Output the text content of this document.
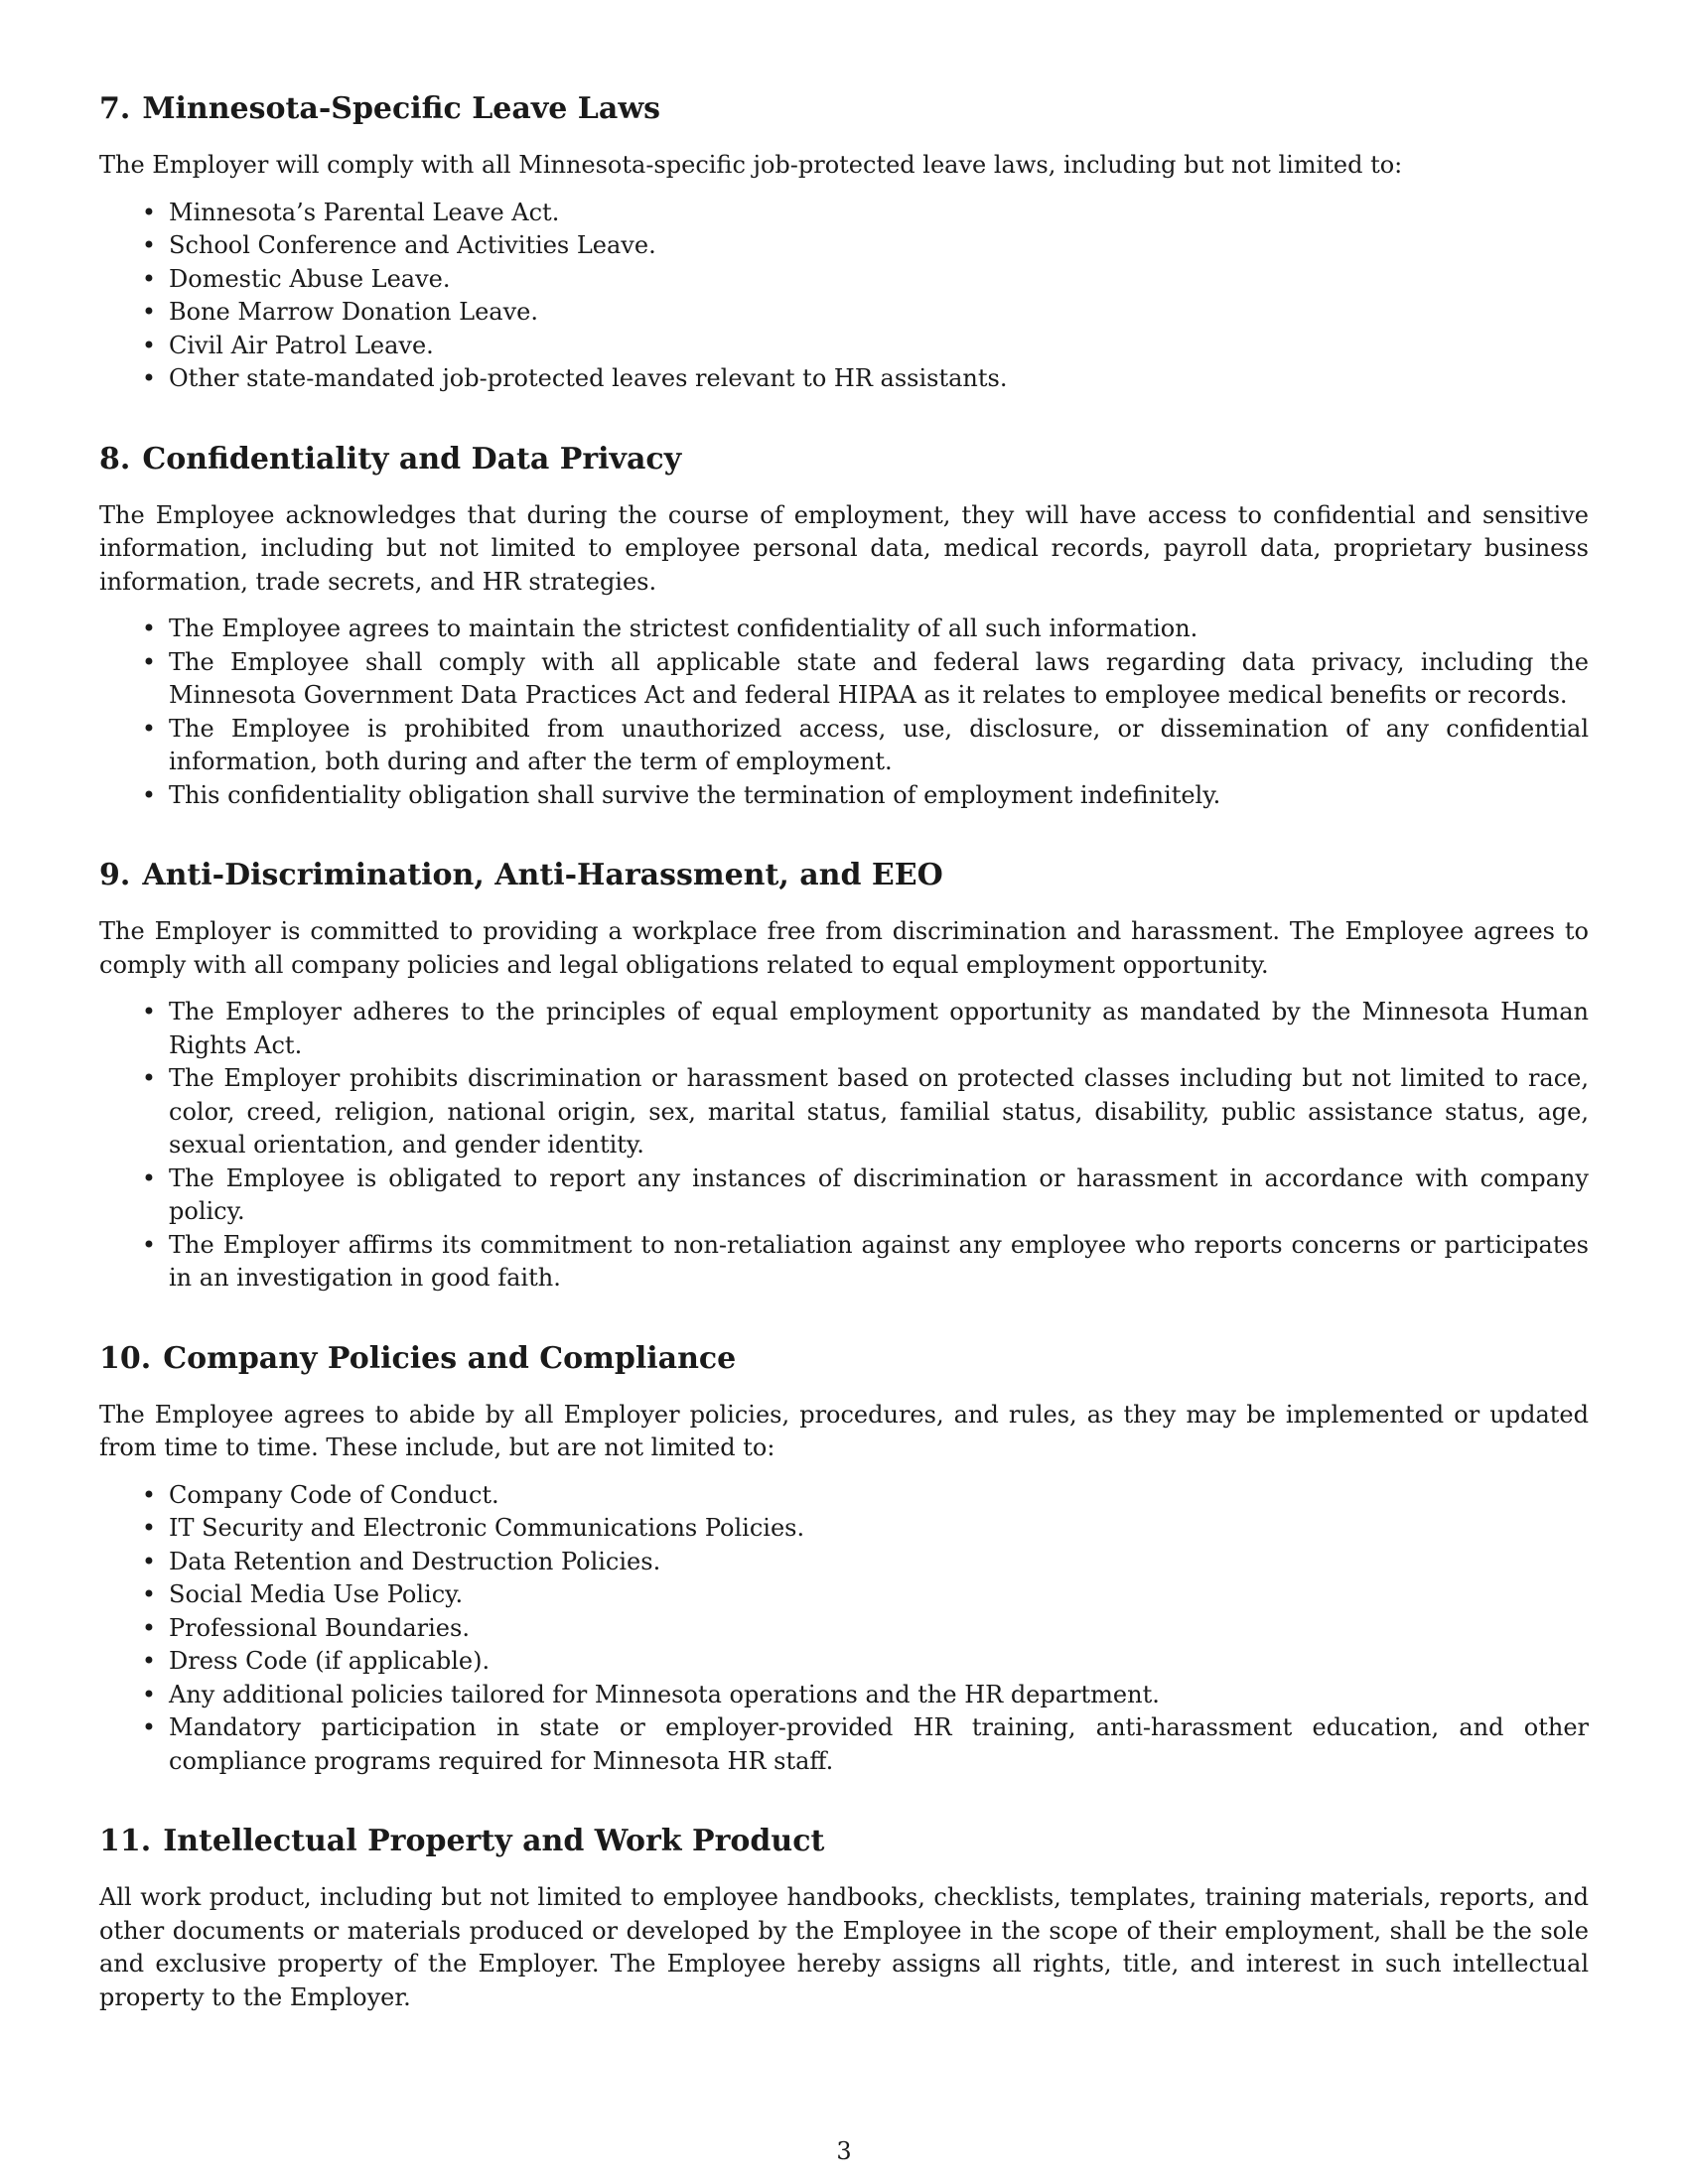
7. Minnesota-Specific Leave Laws

The Employer will comply with all Minnesota-specific job-protected leave laws, including but not limited to:

• Minnesota’s Parental Leave Act.
• School Conference and Activities Leave.
• Domestic Abuse Leave.
• Bone Marrow Donation Leave.
• Civil Air Patrol Leave.
• Other state-mandated job-protected leaves relevant to HR assistants.
8. Confidentiality and Data Privacy

The Employee acknowledges that during the course of employment, they will have access to confidential and sensitive information, including but not limited to employee personal data, medical records, payroll data, proprietary business information, trade secrets, and HR strategies.

• The Employee agrees to maintain the strictest confidentiality of all such information.
• The Employee shall comply with all applicable state and federal laws regarding data privacy, including the Minnesota Government Data Practices Act and federal HIPAA as it relates to employee medical benefits or records.
• The Employee is prohibited from unauthorized access, use, disclosure, or dissemination of any confidential information, both during and after the term of employment.
• This confidentiality obligation shall survive the termination of employment indefinitely.
9. Anti-Discrimination, Anti-Harassment, and EEO

The Employer is committed to providing a workplace free from discrimination and harassment. The Employee agrees to comply with all company policies and legal obligations related to equal employment opportunity.

• The Employer adheres to the principles of equal employment opportunity as mandated by the Minnesota Human Rights Act.
• The Employer prohibits discrimination or harassment based on protected classes including but not limited to race, color, creed, religion, national origin, sex, marital status, familial status, disability, public assistance status, age, sexual orientation, and gender identity.
• The Employee is obligated to report any instances of discrimination or harassment in accordance with company policy.
• The Employer affirms its commitment to non-retaliation against any employee who reports concerns or participates in an investigation in good faith.
10. Company Policies and Compliance

The Employee agrees to abide by all Employer policies, procedures, and rules, as they may be implemented or updated from time to time. These include, but are not limited to:

• Company Code of Conduct.
• IT Security and Electronic Communications Policies.
• Data Retention and Destruction Policies.
• Social Media Use Policy.
• Professional Boundaries.
• Dress Code (if applicable).
• Any additional policies tailored for Minnesota operations and the HR department.
• Mandatory participation in state or employer-provided HR training, anti-harassment education, and other compliance programs required for Minnesota HR staff.
11. Intellectual Property and Work Product

All work product, including but not limited to employee handbooks, checklists, templates, training materials, reports, and other documents or materials produced or developed by the Employee in the scope of their employment, shall be the sole and exclusive property of the Employer. The Employee hereby assigns all rights, title, and interest in such intellectual property to the Employer.

3
